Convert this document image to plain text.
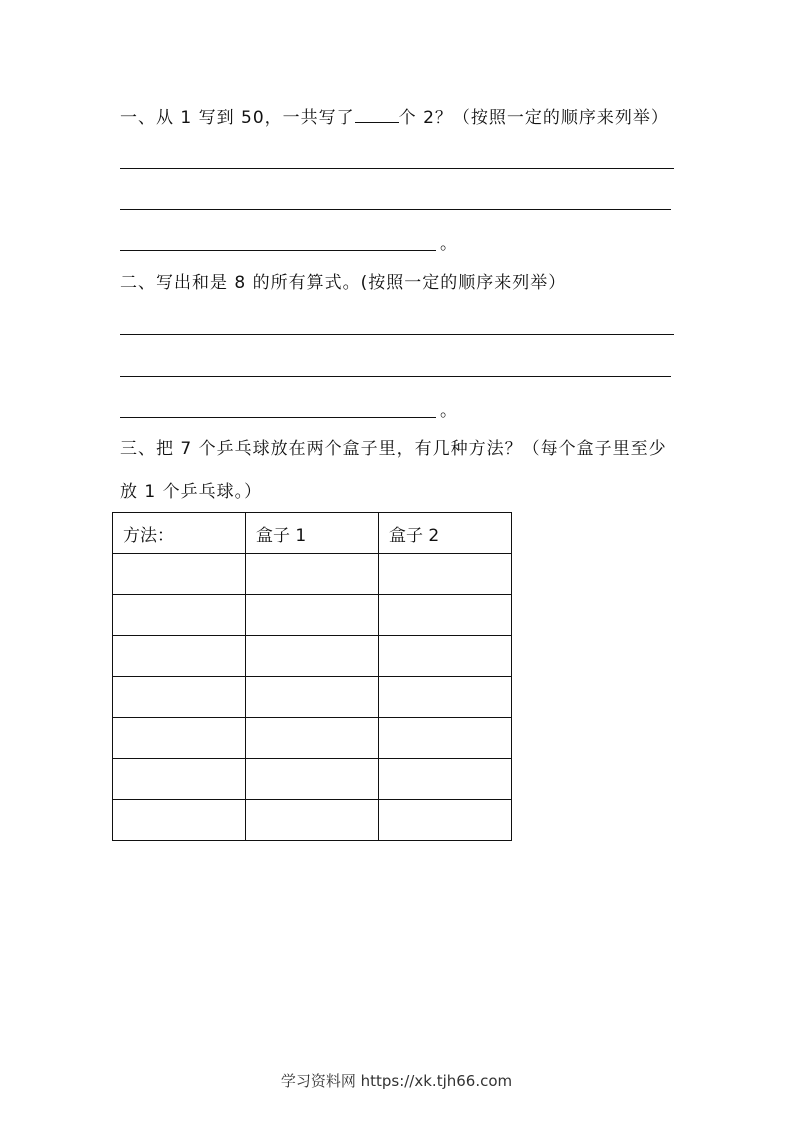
一、从 1 写到 50，一共写了	个 2？（按照一定的顺序来列举）
。
二、写出和是 8 的所有算式。(按照一定的顺序来列举）
。
三、把 7 个乒乓球放在两个盒子里，有几种方法？（每个盒子里至少
放 1 个乒乓球。）
方法：	盒子 1	盒子 2

学习资料网 https://xk.tjh66.com
